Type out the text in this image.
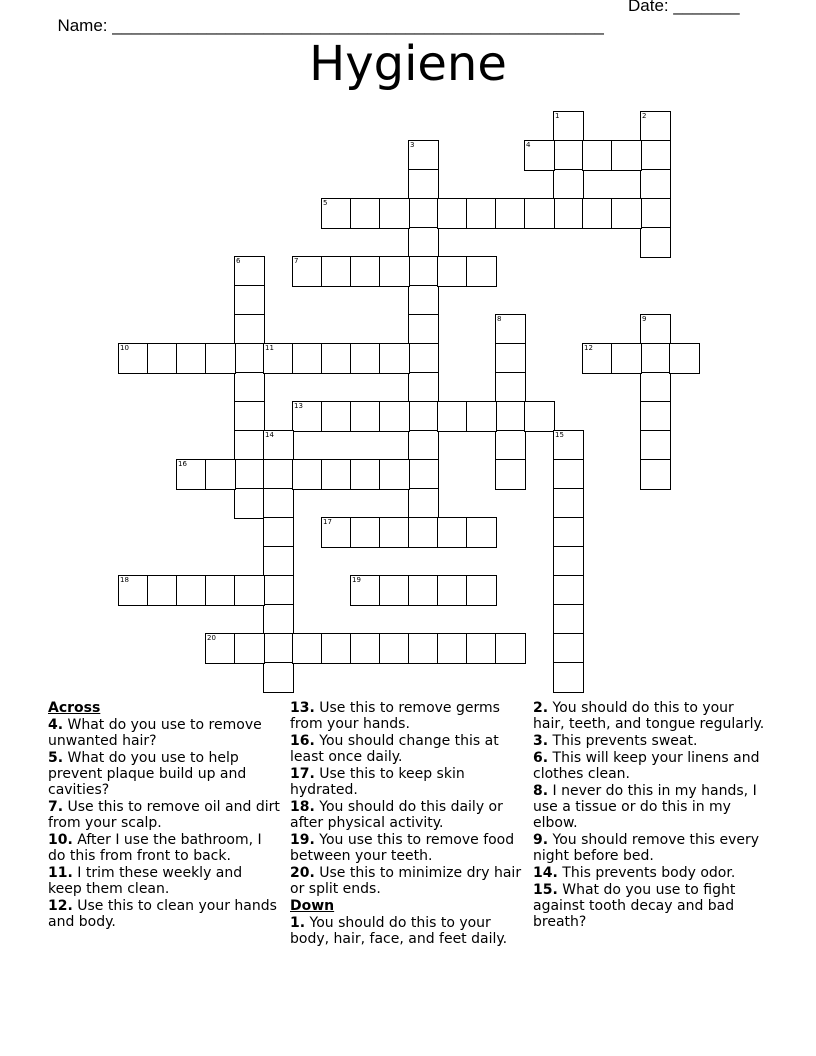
Name: ____________________________________________________

Date: _______

Hygiene
1	2
3	4
5
6	7
8	9
10	11	12
13
14	15
16
17
18	19
20
Across
4. What do you use to remove unwanted hair?
5. What do you use to help prevent plaque build up and cavities?
7. Use this to remove oil and dirt from your scalp.
10. After I use the bathroom, I do this from front to back.
11. I trim these weekly and keep them clean.
12. Use this to clean your hands and body.
13. Use this to remove germs from your hands.
16. You should change this at least once daily.
17. Use this to keep skin hydrated.
18. You should do this daily or after physical activity.
19. You use this to remove food between your teeth.
20. Use this to minimize dry hair or split ends.
Down
1. You should do this to your body, hair, face, and feet daily.
2. You should do this to your hair, teeth, and tongue regularly.
3. This prevents sweat.
6. This will keep your linens and clothes clean.
8. I never do this in my hands, I use a tissue or do this in my elbow.
9. You should remove this every night before bed.
14. This prevents body odor.
15. What do you use to fight against tooth decay and bad breath?
